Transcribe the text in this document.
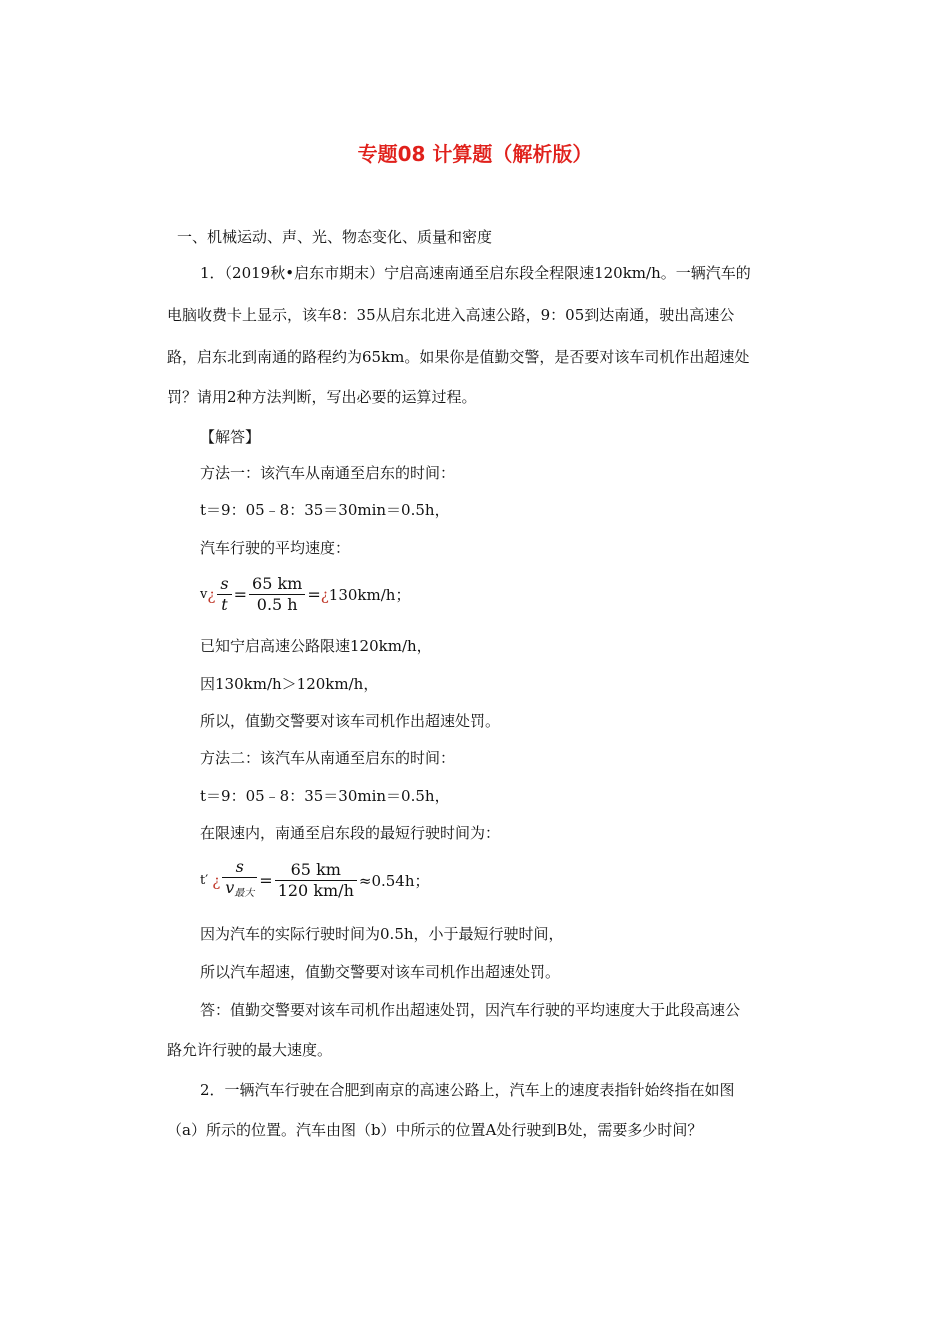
专题08 计算题（解析版）
一、机械运动、声、光、物态变化、质量和密度
1．（2019秋•启东市期末）宁启高速南通至启东段全程限速120km/h。一辆汽车的
电脑收费卡上显示，该车8：35从启东北进入高速公路，9：05到达南通，驶出高速公
路，启东北到南通的路程约为65km。如果你是值勤交警，是否要对该车司机作出超速处
罚？请用2种方法判断，写出必要的运算过程。
【解答】
方法一：该汽车从南通至启东的时间：
t＝9：05﹣8：35＝30min＝0.5h，
汽车行驶的平均速度：
v ¿ $\frac{s}{t} = \frac{65 km}{0.5 h}$ = ¿ 130km/h；
已知宁启高速公路限速120km/h，
因130km/h＞120km/h，
所以，值勤交警要对该车司机作出超速处罚。
方法二：该汽车从南通至启东的时间：
t＝9：05﹣8：35＝30min＝0.5h，
在限速内，南通至启东段的最短行驶时间为：
t′ ¿ $\frac{s}{v_{最大}} = \frac{65 km}{120 km/h} \approx 0.54h$；
因为汽车的实际行驶时间为0.5h，小于最短行驶时间，
所以汽车超速，值勤交警要对该车司机作出超速处罚。
答：值勤交警要对该车司机作出超速处罚，因汽车行驶的平均速度大于此段高速公
路允许行驶的最大速度。
2．一辆汽车行驶在合肥到南京的高速公路上，汽车上的速度表指针始终指在如图
（a）所示的位置。汽车由图（b）中所示的位置A处行驶到B处，需要多少时间？
